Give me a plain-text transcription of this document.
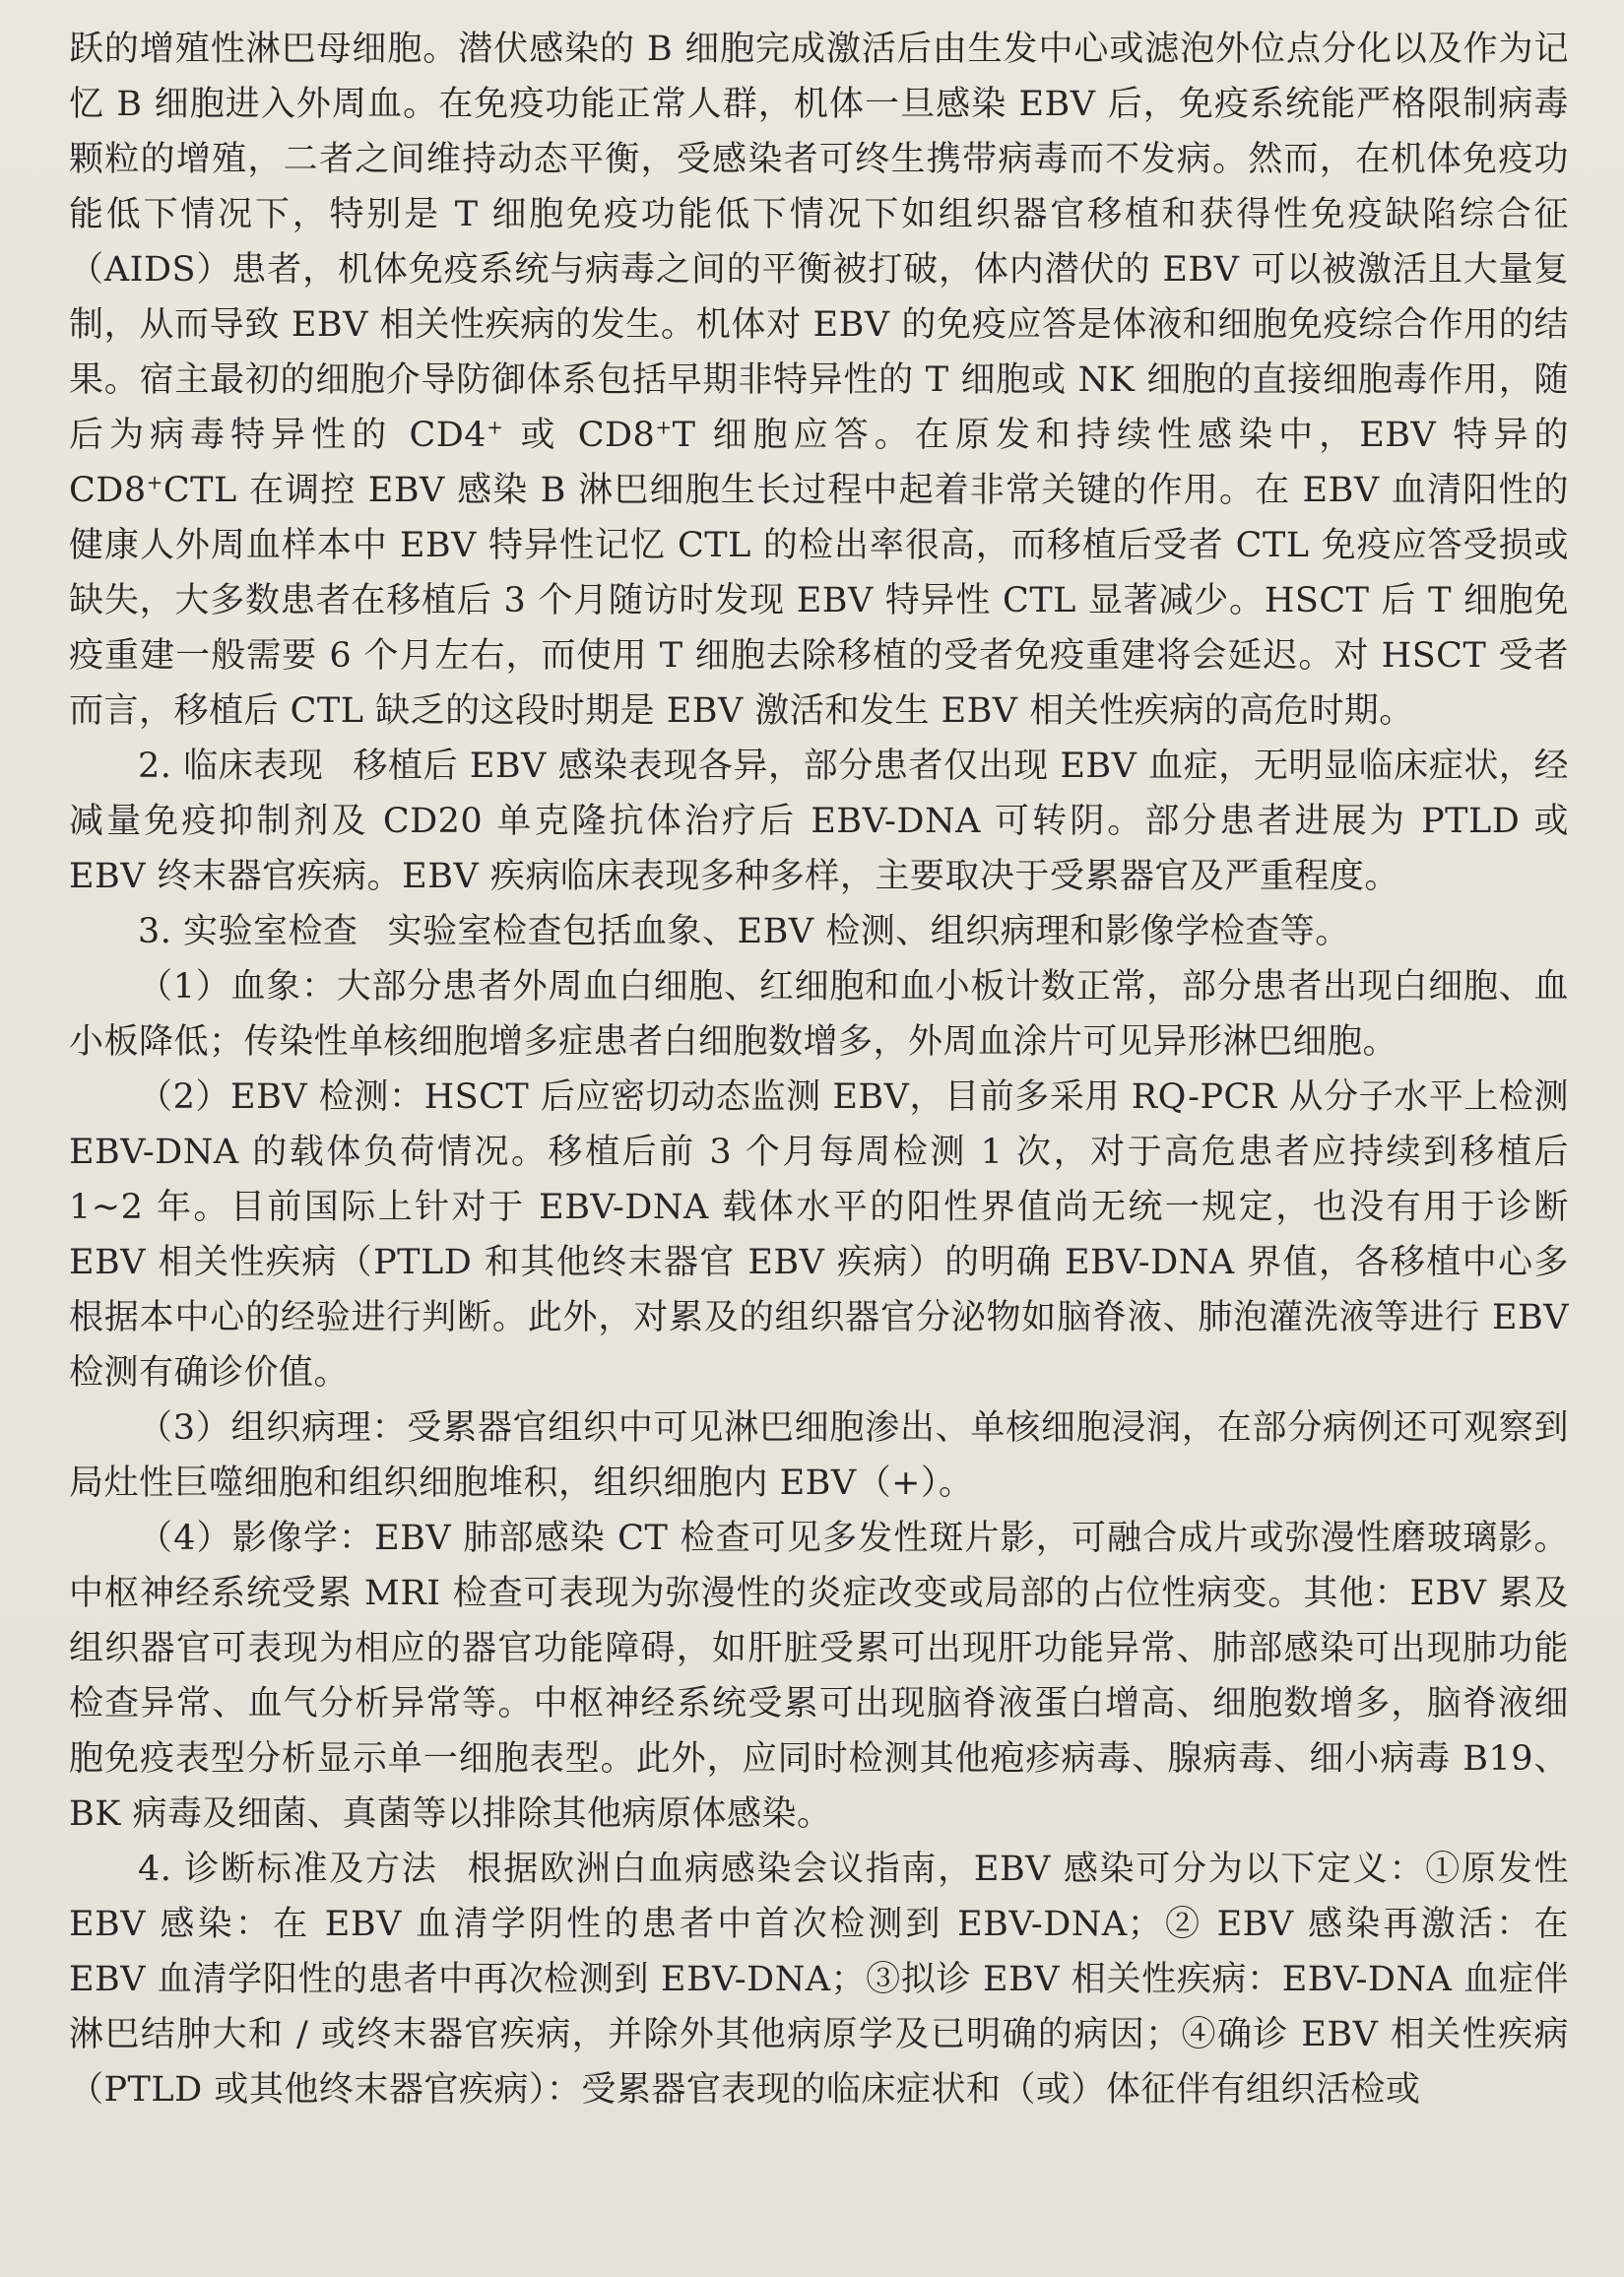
跃的增殖性淋巴母细胞。潜伏感染的 B 细胞完成激活后由生发中心或滤泡外位点分化以及作为记忆 B 细胞进入外周血。在免疫功能正常人群，机体一旦感染 EBV 后，免疫系统能严格限制病毒颗粒的增殖，二者之间维持动态平衡，受感染者可终生携带病毒而不发病。然而，在机体免疫功能低下情况下，特别是 T 细胞免疫功能低下情况下如组织器官移植和获得性免疫缺陷综合征（AIDS）患者，机体免疫系统与病毒之间的平衡被打破，体内潜伏的 EBV 可以被激活且大量复制，从而导致 EBV 相关性疾病的发生。机体对 EBV 的免疫应答是体液和细胞免疫综合作用的结果。宿主最初的细胞介导防御体系包括早期非特异性的 T 细胞或 NK 细胞的直接细胞毒作用，随后为病毒特异性的 CD4+ 或 CD8+T 细胞应答。在原发和持续性感染中，EBV 特异的 CD8+CTL 在调控 EBV 感染 B 淋巴细胞生长过程中起着非常关键的作用。在 EBV 血清阳性的健康人外周血样本中 EBV 特异性记忆 CTL 的检出率很高，而移植后受者 CTL 免疫应答受损或缺失，大多数患者在移植后 3 个月随访时发现 EBV 特异性 CTL 显著减少。HSCT 后 T 细胞免疫重建一般需要 6 个月左右，而使用 T 细胞去除移植的受者免疫重建将会延迟。对 HSCT 受者而言，移植后 CTL 缺乏的这段时期是 EBV 激活和发生 EBV 相关性疾病的高危时期。

2. 临床表现 移植后 EBV 感染表现各异，部分患者仅出现 EBV 血症，无明显临床症状，经减量免疫抑制剂及 CD20 单克隆抗体治疗后 EBV-DNA 可转阴。部分患者进展为 PTLD 或 EBV 终末器官疾病。EBV 疾病临床表现多种多样，主要取决于受累器官及严重程度。

3. 实验室检查 实验室检查包括血象、EBV 检测、组织病理和影像学检查等。

（1）血象：大部分患者外周血白细胞、红细胞和血小板计数正常，部分患者出现白细胞、血小板降低；传染性单核细胞增多症患者白细胞数增多，外周血涂片可见异形淋巴细胞。

（2）EBV 检测：HSCT 后应密切动态监测 EBV，目前多采用 RQ-PCR 从分子水平上检测 EBV-DNA 的载体负荷情况。移植后前 3 个月每周检测 1 次，对于高危患者应持续到移植后 1~2 年。目前国际上针对于 EBV-DNA 载体水平的阳性界值尚无统一规定，也没有用于诊断 EBV 相关性疾病（PTLD 和其他终末器官 EBV 疾病）的明确 EBV-DNA 界值，各移植中心多根据本中心的经验进行判断。此外，对累及的组织器官分泌物如脑脊液、肺泡灌洗液等进行 EBV 检测有确诊价值。

（3）组织病理：受累器官组织中可见淋巴细胞渗出、单核细胞浸润，在部分病例还可观察到局灶性巨噬细胞和组织细胞堆积，组织细胞内 EBV（+）。

（4）影像学：EBV 肺部感染 CT 检查可见多发性斑片影，可融合成片或弥漫性磨玻璃影。中枢神经系统受累 MRI 检查可表现为弥漫性的炎症改变或局部的占位性病变。其他：EBV 累及组织器官可表现为相应的器官功能障碍，如肝脏受累可出现肝功能异常、肺部感染可出现肺功能检查异常、血气分析异常等。中枢神经系统受累可出现脑脊液蛋白增高、细胞数增多，脑脊液细胞免疫表型分析显示单一细胞表型。此外，应同时检测其他疱疹病毒、腺病毒、细小病毒 B19、BK 病毒及细菌、真菌等以排除其他病原体感染。

4. 诊断标准及方法 根据欧洲白血病感染会议指南，EBV 感染可分为以下定义：①原发性 EBV 感染：在 EBV 血清学阴性的患者中首次检测到 EBV-DNA；② EBV 感染再激活：在 EBV 血清学阳性的患者中再次检测到 EBV-DNA；③拟诊 EBV 相关性疾病：EBV-DNA 血症伴淋巴结肿大和 / 或终末器官疾病，并除外其他病原学及已明确的病因；④确诊 EBV 相关性疾病（PTLD 或其他终末器官疾病）：受累器官表现的临床症状和（或）体征伴有组织活检或
